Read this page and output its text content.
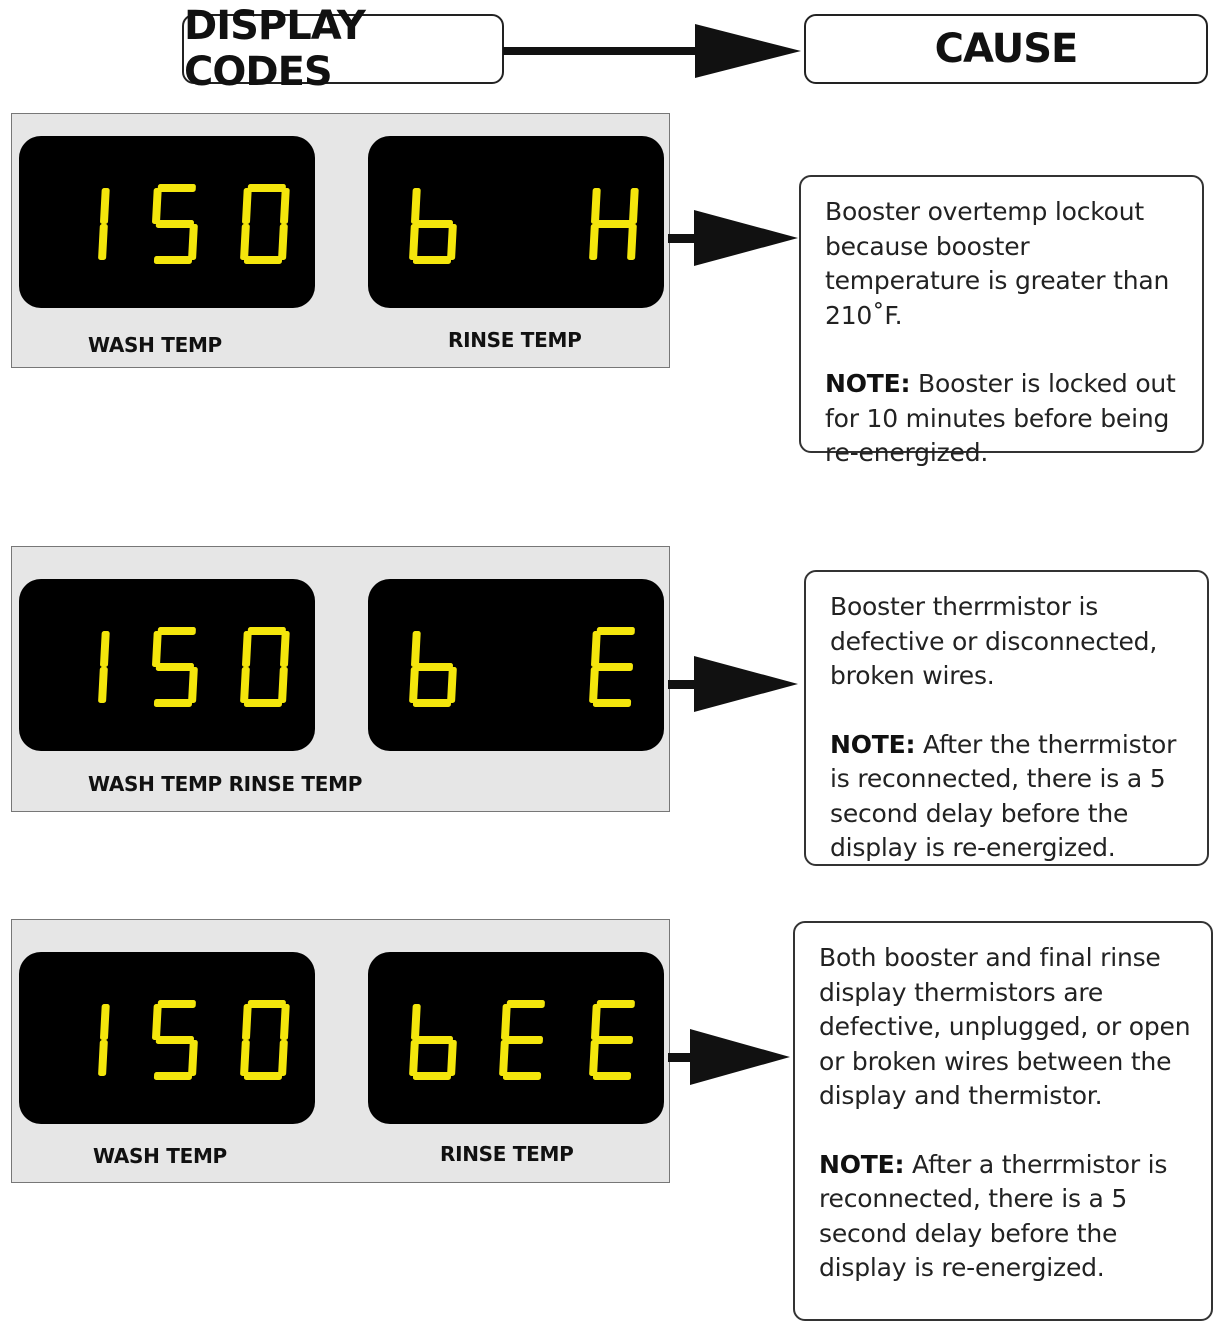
DISPLAY CODES	CAUSE
WASH TEMP	RINSE TEMP

Booster overtemp lockout because booster temperature is greater than 210˚F.

NOTE: Booster is locked out for 10 minutes before being re-energized.

WASH TEMP RINSE TEMP

Booster therrmistor is defective or disconnected, broken wires.

NOTE: After the therrmistor is reconnected, there is a 5 second delay before the display is re-energized.

WASH TEMP	RINSE TEMP

Both booster and final rinse display thermistors are defective, unplugged, or open or broken wires between the display and thermistor.

NOTE: After a therrmistor is reconnected, there is a 5 second delay before the display is re-energized.
